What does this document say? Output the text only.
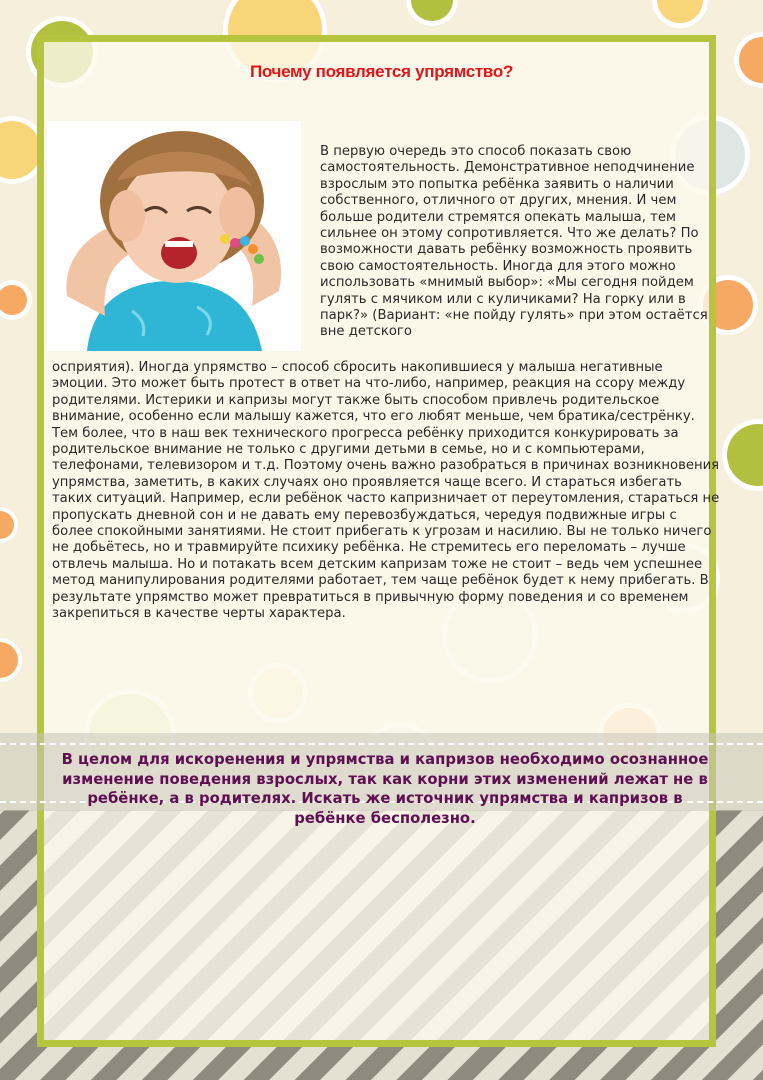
Почему появляется упрямство?

В первую очередь это способ показать свою самостоятельность. Демонстративное неподчинение взрослым это попытка ребёнка заявить о наличии собственного, отличного от других, мнения. И чем больше родители стремятся опекать малыша, тем сильнее он этому сопротивляется. Что же делать? По возможности давать ребёнку возможность проявить свою самостоятельность. Иногда для этого можно использовать «мнимый выбор»: «Мы сегодня пойдем гулять с мячиком или с куличиками? На горку или в парк?» (Вариант: «не пойду гулять» при этом остаётся вне детского

осприятия). Иногда упрямство – способ сбросить накопившиеся у малыша негативные эмоции. Это может быть протест в ответ на что-либо, например, реакция на ссору между родителями. Истерики и капризы могут также быть способом привлечь родительское внимание, особенно если малышу кажется, что его любят меньше, чем братика/сестрёнку. Тем более, что в наш век технического прогресса ребёнку приходится конкурировать за родительское внимание не только с другими детьми в семье, но и с компьютерами, телефонами, телевизором и т.д. Поэтому очень важно разобраться в причинах возникновения упрямства, заметить, в каких случаях оно проявляется чаще всего. И стараться избегать таких ситуаций. Например, если ребёнок часто капризничает от переутомления, стараться не пропускать дневной сон и не давать ему перевозбуждаться, чередуя подвижные игры с более спокойными занятиями. Не стоит прибегать к угрозам и насилию. Вы не только ничего не добьётесь, но и травмируйте психику ребёнка. Не стремитесь его переломать – лучше отвлечь малыша. Но и потакать всем детским капризам тоже не стоит – ведь чем успешнее метод манипулирования родителями работает, тем чаще ребёнок будет к нему прибегать. В результате упрямство может превратиться в привычную форму поведения и со временем закрепиться в качестве черты характера.

В целом для искоренения и упрямства и капризов необходимо осознанное изменение поведения взрослых, так как корни этих изменений лежат не в ребёнке, а в родителях. Искать же источник упрямства и капризов в ребёнке бесполезно.
